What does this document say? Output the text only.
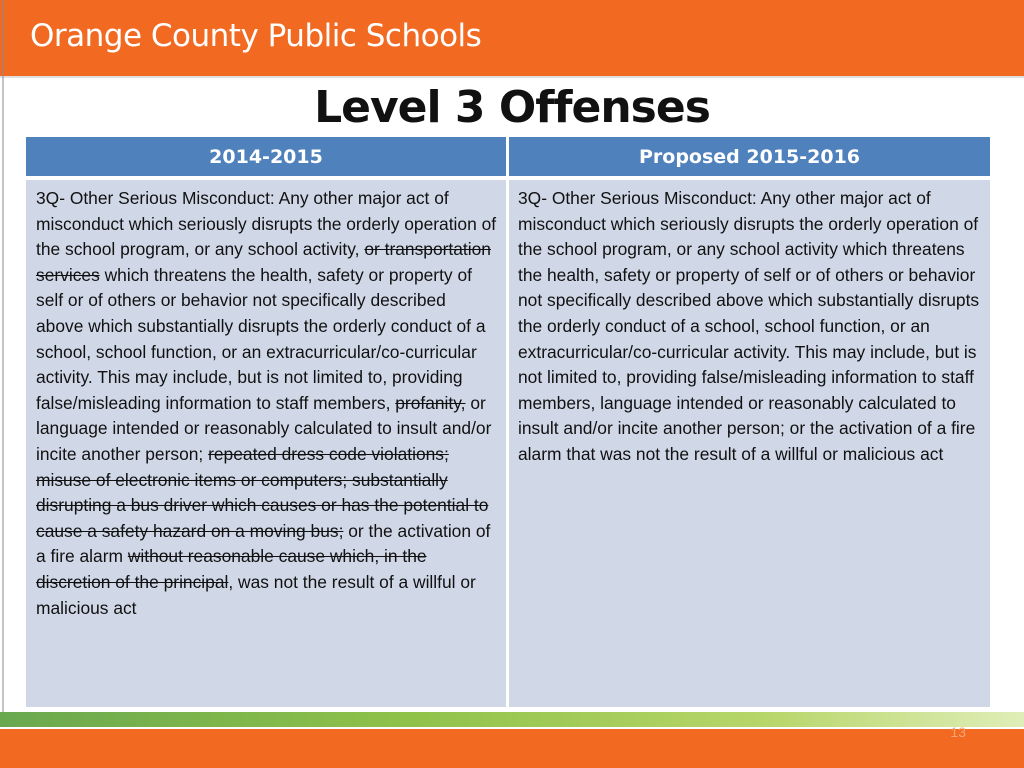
Orange County Public Schools
Level 3 Offenses
2014-2015	Proposed 2015-2016

3Q- Other Serious Misconduct: Any other major act of misconduct which seriously disrupts the orderly operation of the school program, or any school activity, or transportation services which threatens the health, safety or property of self or of others or behavior not specifically described above which substantially disrupts the orderly conduct of a school, school function, or an extracurricular/co-curricular activity. This may include, but is not limited to, providing false/misleading information to staff members, profanity, or language intended or reasonably calculated to insult and/or incite another person; repeated dress code violations; misuse of electronic items or computers; substantially disrupting a bus driver which causes or has the potential to cause a safety hazard on a moving bus; or the activation of a fire alarm without reasonable cause which, in the discretion of the principal, was not the result of a willful or malicious act

3Q- Other Serious Misconduct: Any other major act of misconduct which seriously disrupts the orderly operation of the school program, or any school activity which threatens the health, safety or property of self or of others or behavior not specifically described above which substantially disrupts the orderly conduct of a school, school function, or an extracurricular/co-curricular activity. This may include, but is not limited to, providing false/misleading information to staff members, language intended or reasonably calculated to insult and/or incite another person; or the activation of a fire alarm that was not the result of a willful or malicious act

13
